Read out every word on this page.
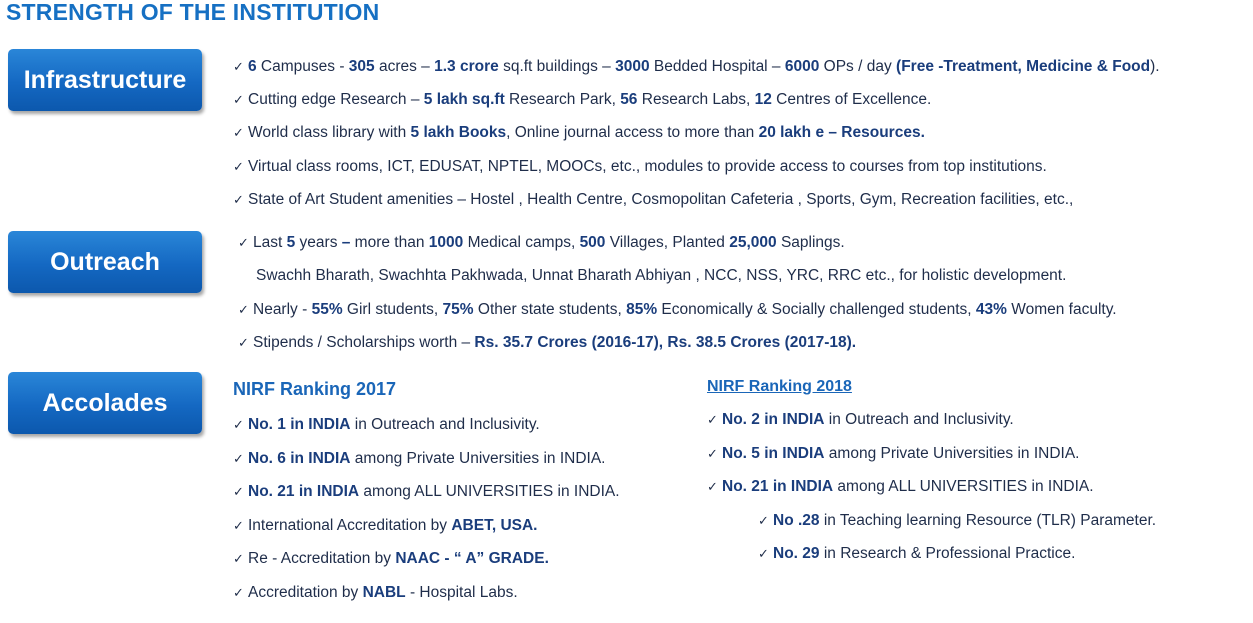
STRENGTH OF THE INSTITUTION
Infrastructure
Outreach
Accolades
✓ 6 Campuses - 305 acres – 1.3 crore sq.ft buildings – 3000 Bedded Hospital – 6000 OPs / day (Free -Treatment, Medicine & Food).
✓ Cutting edge Research – 5 lakh sq.ft Research Park, 56 Research Labs, 12 Centres of Excellence.
✓ World class library with 5 lakh Books, Online journal access to more than 20 lakh e – Resources.
✓ Virtual class rooms, ICT, EDUSAT, NPTEL, MOOCs, etc., modules to provide access to courses from top institutions.
✓ State of Art Student amenities – Hostel , Health Centre, Cosmopolitan Cafeteria , Sports, Gym, Recreation facilities, etc.,
✓ Last 5 years – more than 1000 Medical camps, 500 Villages, Planted 25,000 Saplings.
Swachh Bharath, Swachhta Pakhwada, Unnat Bharath Abhiyan , NCC, NSS, YRC, RRC etc., for holistic development.
✓ Nearly - 55% Girl students, 75% Other state students, 85% Economically & Socially challenged students, 43% Women faculty.
✓ Stipends / Scholarships worth – Rs. 35.7 Crores (2016-17), Rs. 38.5 Crores (2017-18).
NIRF Ranking 2017
✓ No. 1 in INDIA in Outreach and Inclusivity.
✓ No. 6 in INDIA among Private Universities in INDIA.
✓ No. 21 in INDIA among ALL UNIVERSITIES in INDIA.
✓ International Accreditation by ABET, USA.
✓ Re - Accreditation by NAAC - “ A” GRADE.
✓ Accreditation by NABL - Hospital Labs.
NIRF Ranking 2018
✓ No. 2 in INDIA in Outreach and Inclusivity.
✓ No. 5 in INDIA among Private Universities in INDIA.
✓ No. 21 in INDIA among ALL UNIVERSITIES in INDIA.
✓ No .28 in Teaching learning Resource (TLR) Parameter.
✓ No. 29 in Research & Professional Practice.
